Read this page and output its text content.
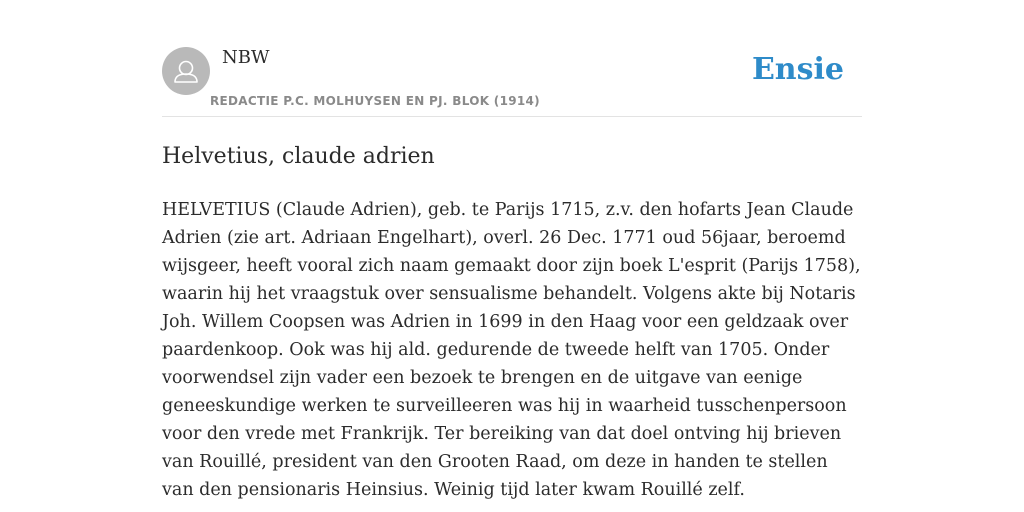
NBW
REDACTIE P.C. MOLHUYSEN EN PJ. BLOK (1914)
Ensie
Helvetius, claude adrien

HELVETIUS (Claude Adrien), geb. te Parijs 1715, z.v. den hofarts Jean Claude Adrien (zie art. Adriaan Engelhart), overl. 26 Dec. 1771 oud 56jaar, beroemd wijsgeer, heeft vooral zich naam gemaakt door zijn boek L'esprit (Parijs 1758), waarin hij het vraagstuk over sensualisme behandelt. Volgens akte bij Notaris Joh. Willem Coopsen was Adrien in 1699 in den Haag voor een geldzaak over paardenkoop. Ook was hij ald. gedurende de tweede helft van 1705. Onder voorwendsel zijn vader een bezoek te brengen en de uitgave van eenige geneeskundige werken te surveilleeren was hij in waarheid tusschenpersoon voor den vrede met Frankrijk. Ter bereiking van dat doel ontving hij brieven van Rouillé, president van den Grooten Raad, om deze in handen te stellen van den pensionaris Heinsius. Weinig tijd later kwam Rouillé zelf.
